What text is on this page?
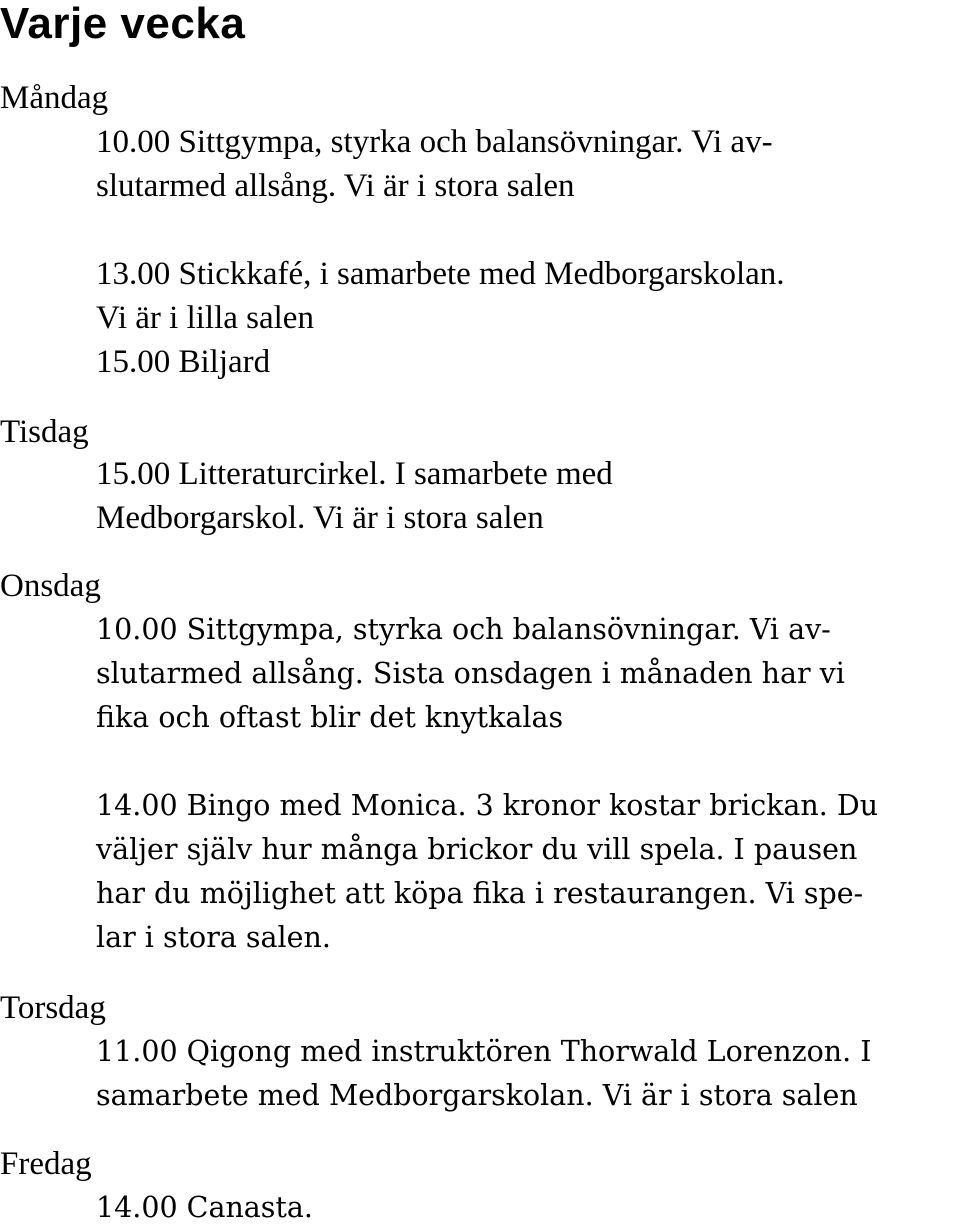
Varje vecka

Måndag

10.00 Sittgympa, styrka och balansövningar. Vi av-

slutarmed allsång. Vi är i stora salen

13.00 Stickkafé, i samarbete med Medborgarskolan.

Vi är i lilla salen

15.00 Biljard

Tisdag

15.00 Litteraturcirkel. I samarbete med

Medborgarskol. Vi är i stora salen

Onsdag

10.00 Sittgympa, styrka och balansövningar. Vi av-

slutarmed allsång. Sista onsdagen i månaden har vi

fika och oftast blir det knytkalas

14.00 Bingo med Monica. 3 kronor kostar brickan. Du

väljer själv hur många brickor du vill spela. I pausen

har du möjlighet att köpa fika i restaurangen. Vi spe-

lar i stora salen.

Torsdag

11.00 Qigong med instruktören Thorwald Lorenzon. I

samarbete med Medborgarskolan. Vi är i stora salen

Fredag

14.00 Canasta.
